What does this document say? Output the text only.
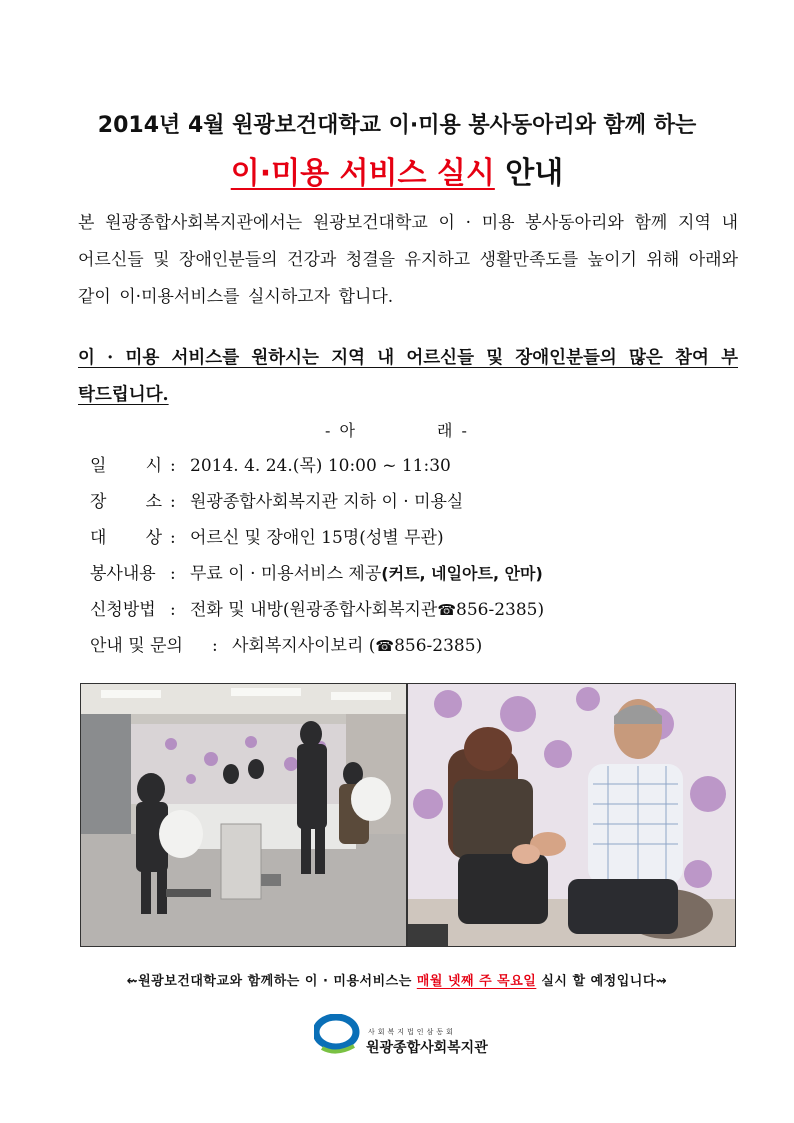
2014년 4월 원광보건대학교 이·미용 봉사동아리와 함께 하는
이·미용 서비스 실시 안내
본 원광종합사회복지관에서는 원광보건대학교 이 · 미용 봉사동아리와 함께 지역 내 어르신들 및 장애인분들의 건강과 청결을 유지하고 생활만족도를 높이기 위해 아래와 같이 이·미용서비스를 실시하고자 합니다.
이 · 미용 서비스를 원하시는 지역 내 어르신들 및 장애인분들의 많은 참여 부탁드립니다.
- 아	래 -
일 시 : 2014. 4. 24.(목) 10:00 ~ 11:30
장 소 : 원광종합사회복지관 지하 이 · 미용실
대 상 : 어르신 및 장애인 15명(성별 무관)
봉사내용 : 무료 이 · 미용서비스 제공 (커트, 네일아트, 안마)
신청방법 : 전화 및 내방(원광종합사회복지관 ☎ 856-2385)
안내 및 문의	: 사회복지사이보리 ( ☎ 856-2385)
⇜원광보건대학교와 함께하는 이 · 미용서비스는 매월 넷째 주 목요일 실시 할 예정입니다⇝
사회복지법인삼동회
원광종합사회복지관
